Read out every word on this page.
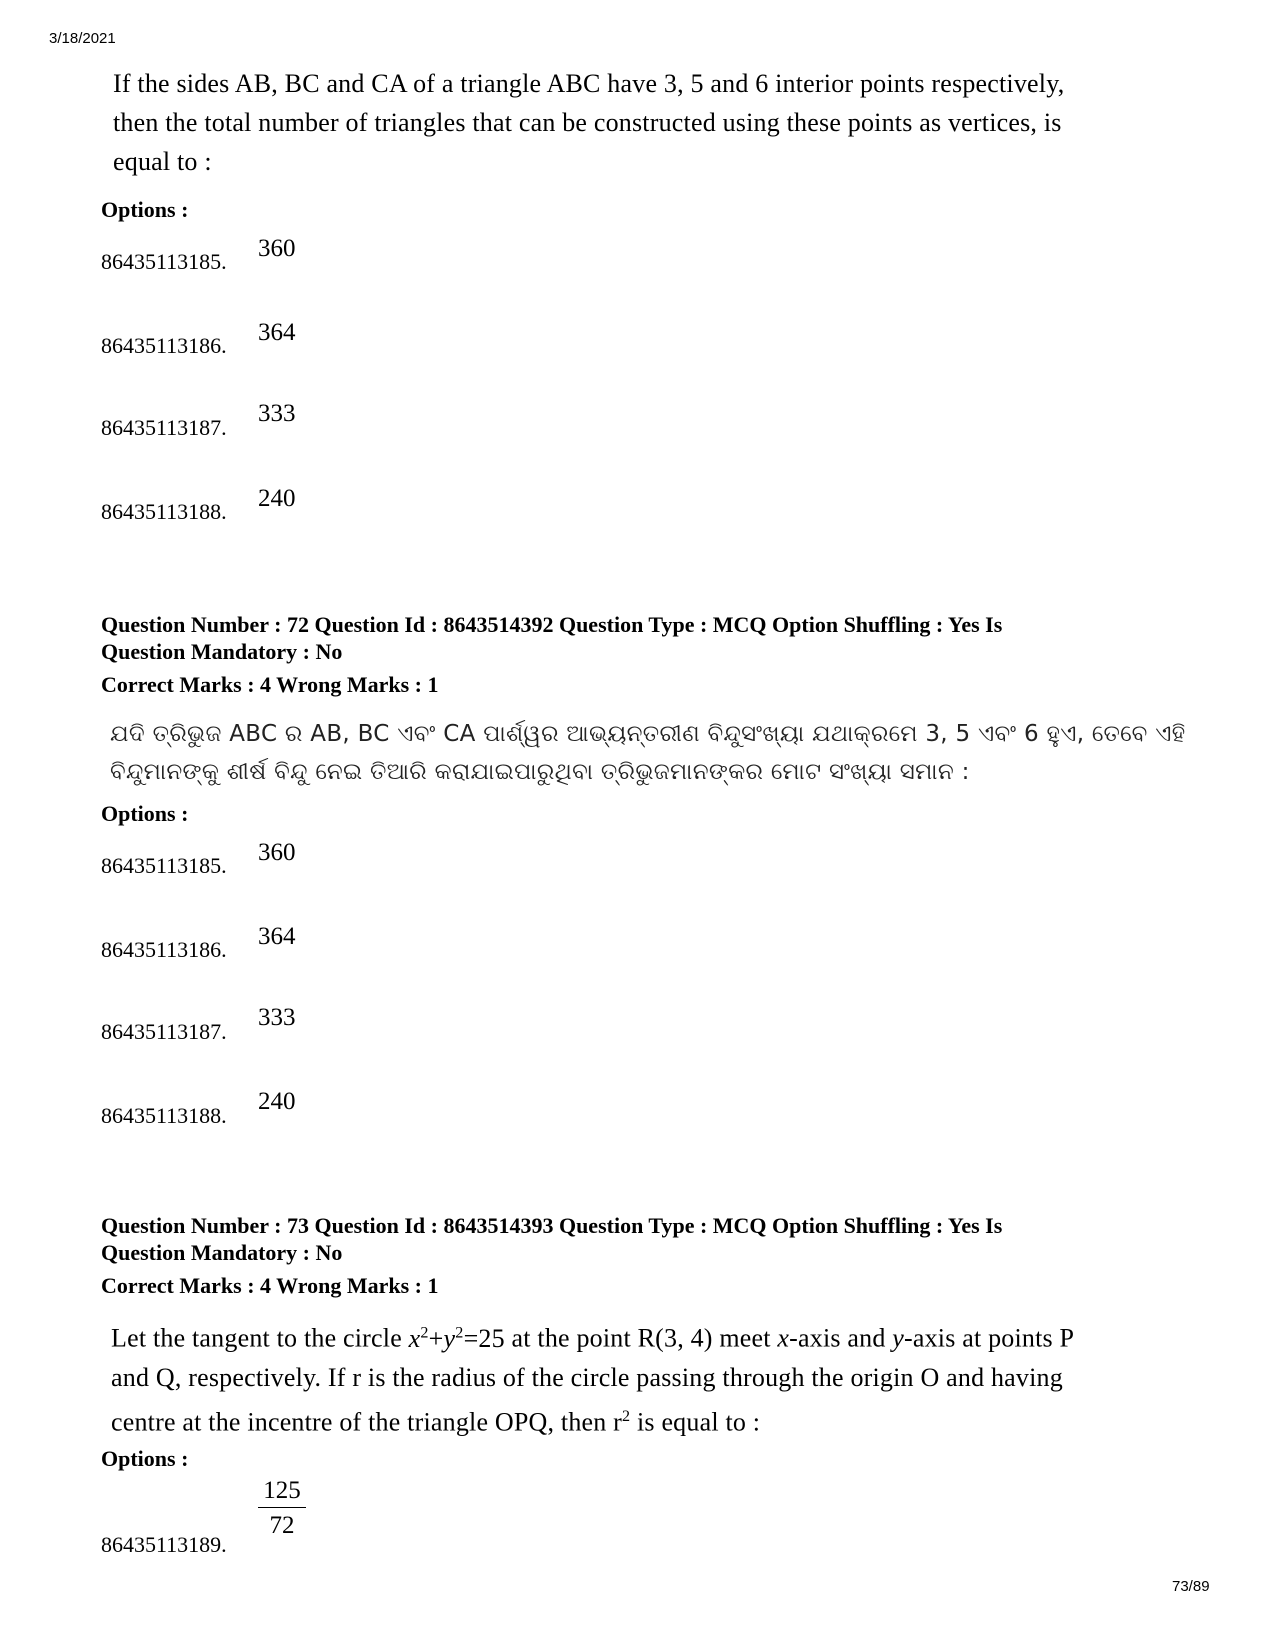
3/18/2021
If the sides AB, BC and CA of a triangle ABC have 3, 5 and 6 interior points respectively,
then the total number of triangles that can be constructed using these points as vertices, is
equal to :
Options :
86435113185. 360
86435113186. 364
86435113187.
333
86435113188. 240
Question Number : 72 Question Id : 8643514392 Question Type : MCQ Option Shuffling : Yes Is
Question Mandatory : No
Correct Marks : 4 Wrong Marks : 1
ଯଦି ତ୍ରିଭୁଜ ABC ର AB, BC ଏବଂ CA ପାର୍ଶ୍ୱର ଆଭ୍ୟନ୍ତରୀଣ ବିନ୍ଦୁସଂଖ୍ୟା ଯଥାକ୍ରମେ 3, 5 ଏବଂ 6 ହୁଏ, ତେବେ ଏହି
ବିନ୍ଦୁମାନଙ୍କୁ ଶୀର୍ଷ ବିନ୍ଦୁ ନେଇ ତିଆରି କରାଯାଇପାରୁଥିବା ତ୍ରିଭୁଜମାନଙ୍କର ମୋଟ ସଂଖ୍ୟା ସମାନ :
Options :
86435113185. 360
86435113186. 364
86435113187.
333
86435113188.
240
Question Number : 73 Question Id : 8643514393 Question Type : MCQ Option Shuffling : Yes Is
Question Mandatory : No
Correct Marks : 4 Wrong Marks : 1
Let the tangent to the circle $x^2+y^2=25$ at the point R(3, 4) meet x-axis and y-axis at points P
and Q, respectively. If r is the radius of the circle passing through the origin O and having
centre at the incentre of the triangle OPQ, then $r^2$ is equal to :
Options :
$\frac{125}{72}$
86435113189.
73/89
